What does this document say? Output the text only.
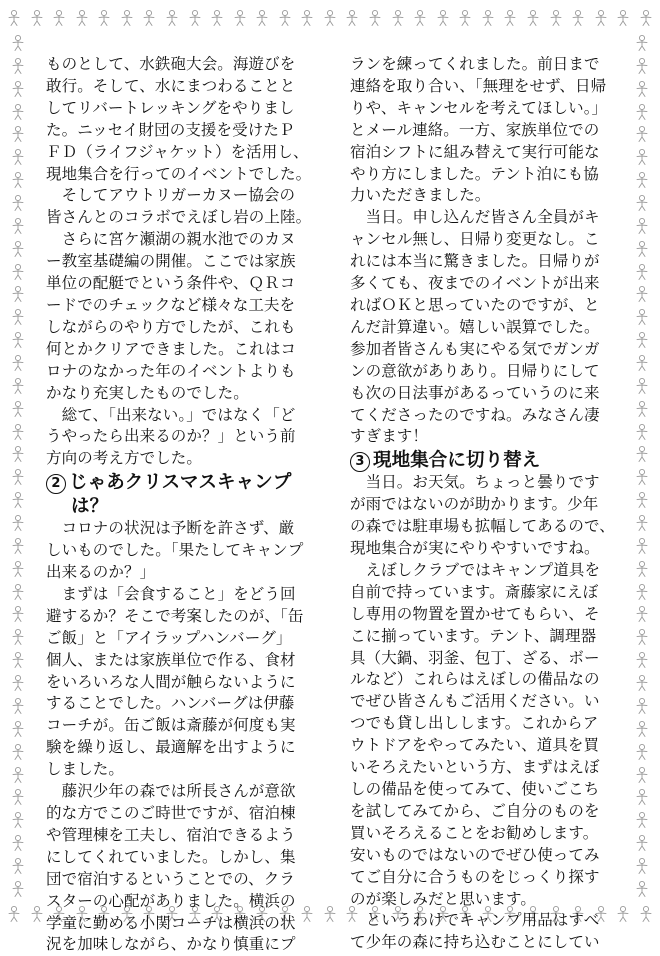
ものとして、水鉄砲大会。海遊びを

敢行。そして、水にまつわることと

してリバートレッキングをやりまし

た。ニッセイ財団の支援を受けたＰ

ＦＤ（ライフジャケット）を活用し、

現地集合を行ってのイベントでした。

　そしてアウトリガーカヌー協会の

皆さんとのコラボでえぼし岩の上陸。

　さらに宮ケ瀬湖の親水池でのカヌ

ー教室基礎編の開催。ここでは家族

単位の配艇でという条件や、ＱＲコ

ードでのチェックなど様々な工夫を

しながらのやり方でしたが、これも

何とかクリアできました。これはコ

ロナのなかった年のイベントよりも

かなり充実したものでした。

　総て、「出来ない。」ではなく「ど

うやったら出来るのか？」という前

方向の考え方でした。

2 じゃあクリスマスキャンプ
は？

　コロナの状況は予断を許さず、厳

しいものでした。「果たしてキャンプ

出来るのか？」

　まずは「会食すること」をどう回

避するか？そこで考案したのが、「缶

ご飯」と「アイラップハンバーグ」

個人、または家族単位で作る、食材

をいろいろな人間が触らないように

することでした。ハンバーグは伊藤

コーチが。缶ご飯は斎藤が何度も実

験を繰り返し、最適解を出すように

しました。

　藤沢少年の森では所長さんが意欲

的な方でこのご時世ですが、宿泊棟

や管理棟を工夫し、宿泊できるよう

にしてくれていました。しかし、集

団で宿泊するということでの、クラ

スターの心配がありました。横浜の

学童に勤める小関コーチは横浜の状

況を加味しながら、かなり慎重にプ

ランを練ってくれました。前日まで

連絡を取り合い、「無理をせず、日帰

りや、キャンセルを考えてほしい。」

とメール連絡。一方、家族単位での

宿泊シフトに組み替えて実行可能な

やり方にしました。テント泊にも協

力いただきました。

　当日。申し込んだ皆さん全員がキ

ャンセル無し、日帰り変更なし。こ

れには本当に驚きました。日帰りが

多くても、夜までのイベントが出来

ればＯＫと思っていたのですが、と

んだ計算違い。嬉しい誤算でした。

参加者皆さんも実にやる気でガンガ

ンの意欲がありあり。日帰りにして

も次の日法事があるっていうのに来

てくださったのですね。みなさん凄

すぎます！

3 現地集合に切り替え

　当日。お天気。ちょっと曇りです

が雨ではないのが助かります。少年

の森では駐車場も拡幅してあるので、

現地集合が実にやりやすいですね。

　えぼしクラブではキャンプ道具を

自前で持っています。斎藤家にえぼ

し専用の物置を置かせてもらい、そ

こに揃っています。テント、調理器

具（大鍋、羽釜、包丁、ざる、ボー

ルなど）これらはえぼしの備品なの

でぜひ皆さんもご活用ください。い

つでも貸し出しします。これからア

ウトドアをやってみたい、道具を買

いそろえたいという方、まずはえぼ

しの備品を使ってみて、使いごこち

を試してみてから、ご自分のものを

買いそろえることをお勧めします。

安いものではないのでぜひ使ってみ

てご自分に合うものをじっくり探す

のが楽しみだと思います。

　というわけでキャンプ用品はすべ

て少年の森に持ち込むことにしてい
